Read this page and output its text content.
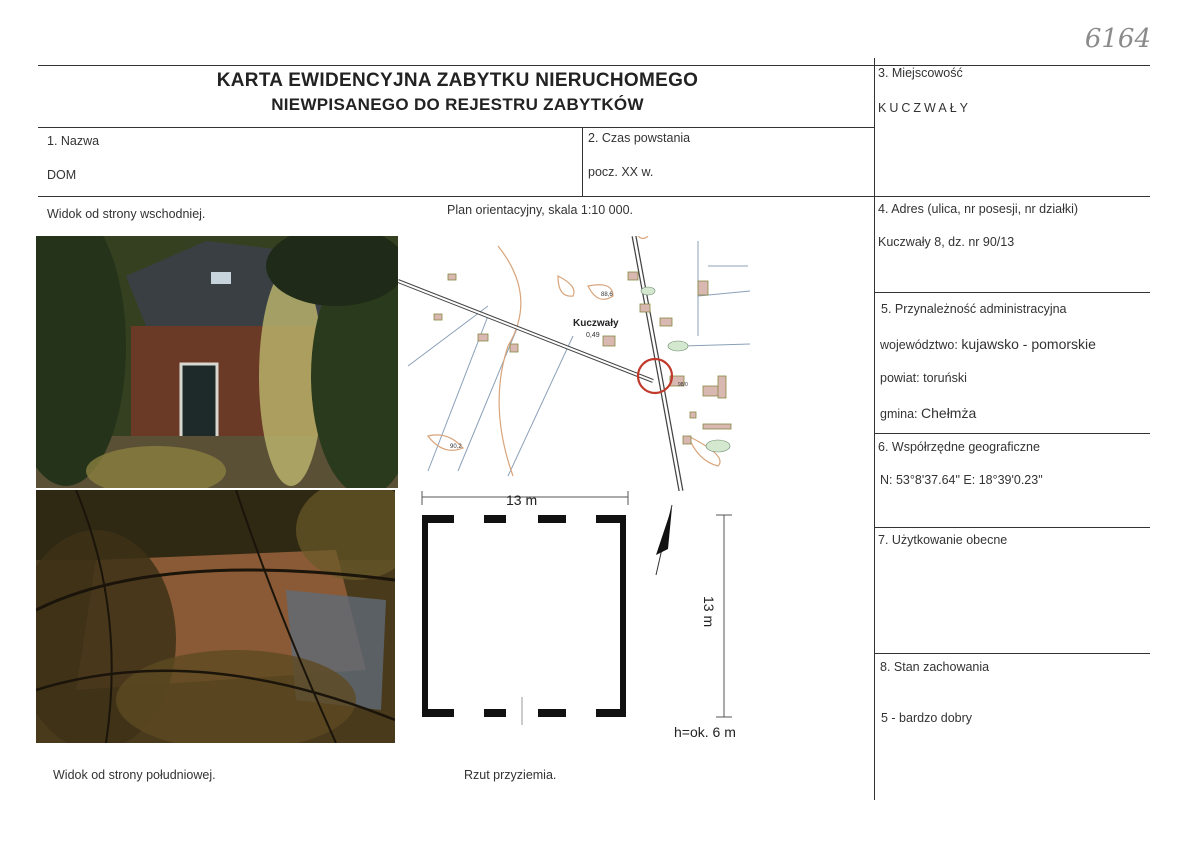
6164
KARTA EWIDENCYJNA ZABYTKU NIERUCHOMEGO
NIEWPISANEGO DO REJESTRU ZABYTKÓW
1. Nazwa
DOM
2. Czas powstania
pocz. XX w.
3. Miejscowość
KUCZWAŁY
4. Adres (ulica, nr posesji, nr działki)
Kuczwały 8, dz. nr 90/13
5. Przynależność administracyjna
województwo: kujawsko - pomorskie
powiat: toruński
gmina: Chełmża
6. Współrzędne geograficzne
N: 53°8'37.64" E: 18°39'0.23"
7. Użytkowanie obecne
8. Stan zachowania
5 - bardzo dobry
Widok od strony wschodniej.	Plan orientacyjny, skala 1:10 000.
Widok od strony południowej.	Rzut przyziemia.
Kuczwały
0,49
88,6
90,2
98/0
13 m
13 m
h=ok. 6 m
